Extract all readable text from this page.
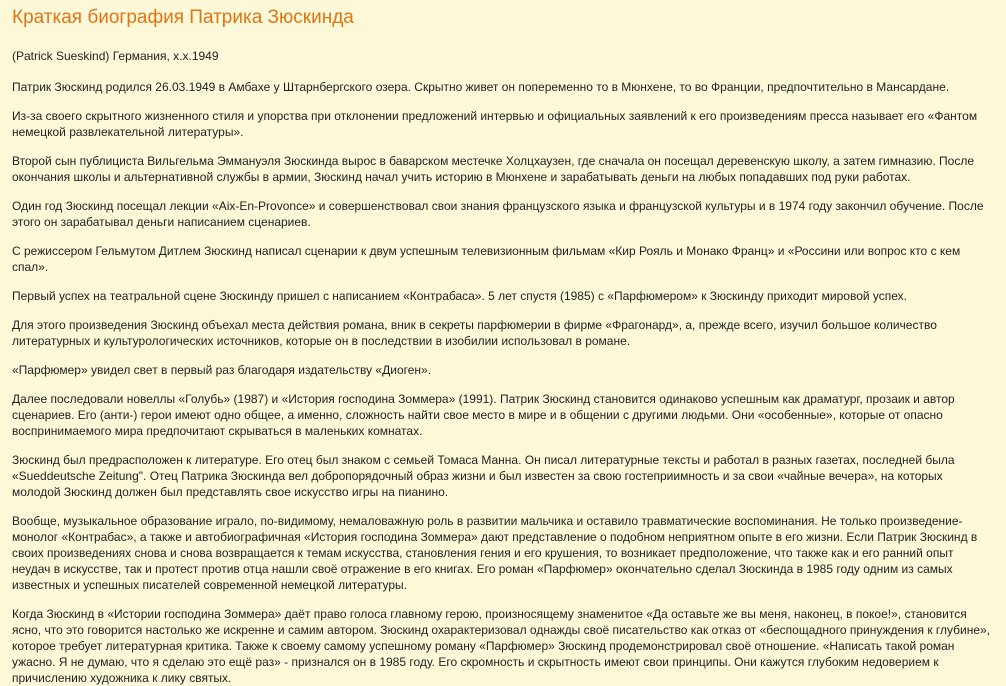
Краткая биография Патрика Зюскинда

(Patrick Sueskind) Германия, х.х.1949

Патрик Зюскинд родился 26.03.1949 в Амбахе у Штарнбергского озера. Скрытно живет он попеременно то в Мюнхене, то во Франции, предпочтительно в Мансардане.

Из-за своего скрытного жизненного стиля и упорства при отклонении предложений интервью и официальных заявлений к его произведениям пресса называет его «Фантом немецкой развлекательной литературы».

Второй сын публициста Вильгельма Эммануэля Зюскинда вырос в баварском местечке Холцхаузен, где сначала он посещал деревенскую школу, а затем гимназию. После окончания школы и альтернативной службы в армии, Зюскинд начал учить историю в Мюнхене и зарабатывать деньги на любых попадавших под руки работах.

Один год Зюскинд посещал лекции «Aix-En-Provonce» и совершенствовал свои знания французского языка и французской культуры и в 1974 году закончил обучение. После этого он зарабатывал деньги написанием сценариев.

С режиссером Гельмутом Дитлем Зюскинд написал сценарии к двум успешным телевизионным фильмам «Кир Рояль и Монако Франц» и «Россини или вопрос кто с кем спал».

Первый успех на театральной сцене Зюскинду пришел с написанием «Контрабаса». 5 лет спустя (1985) с «Парфюмером» к Зюскинду приходит мировой успех.

Для этого произведения Зюскинд объехал места действия романа, вник в секреты парфюмерии в фирме «Фрагонард», а, прежде всего, изучил большое количество литературных и культурологических источников, которые он в последствии в изобилии использовал в романе.

«Парфюмер» увидел свет в первый раз благодаря издательству «Диоген».

Далее последовали новеллы «Голубь» (1987) и «История господина Зоммера» (1991). Патрик Зюскинд становится одинаково успешным как драматург, прозаик и автор сценариев. Его (анти-) герои имеют одно общее, а именно, сложность найти свое место в мире и в общении с другими людьми. Они «особенные», которые от опасно воспринимаемого мира предпочитают скрываться в маленьких комнатах.

Зюскинд был предрасположен к литературе. Его отец был знаком с семьей Томаса Манна. Он писал литературные тексты и работал в разных газетах, последней была «Sueddeutsche Zeitung". Отец Патрика Зюскинда вел добропорядочный образ жизни и был известен за свою гостеприимность и за свои «чайные вечера», на которых молодой Зюскинд должен был представлять свое искусство игры на пианино.

Вообще, музыкальное образование играло, по-видимому, немаловажную роль в развитии мальчика и оставило травматические воспоминания. Не только произведение-монолог «Контрабас», а также и автобиографичная «История господина Зоммера» дают представление о подобном неприятном опыте в его жизни. Если Патрик Зюскинд в своих произведениях снова и снова возвращается к темам искусства, становления гения и его крушения, то возникает предположение, что также как и его ранний опыт неудач в искусстве, так и протест против отца нашли своё отражение в его книгах. Его роман «Парфюмер» окончательно сделал Зюскинда в 1985 году одним из самых известных и успешных писателей современной немецкой литературы.

Когда Зюскинд в «Истории господина Зоммера» даёт право голоса главному герою, произносящему знаменитое «Да оставьте же вы меня, наконец, в покое!», становится ясно, что это говорится настолько же искренне и самим автором. Зюскинд охарактеризовал однажды своё писательство как отказ от «беспощадного принуждения к глубине», которое требует литературная критика. Также к своему самому успешному роману «Парфюмер» Зюскинд продемонстрировал своё отношение. «Написать такой роман ужасно. Я не думаю, что я сделаю это ещё раз» - призналcя он в 1985 году. Его скромность и скрытность имеют свои принципы. Они кажутся глубоким недоверием к причислению художника к лику святых.
